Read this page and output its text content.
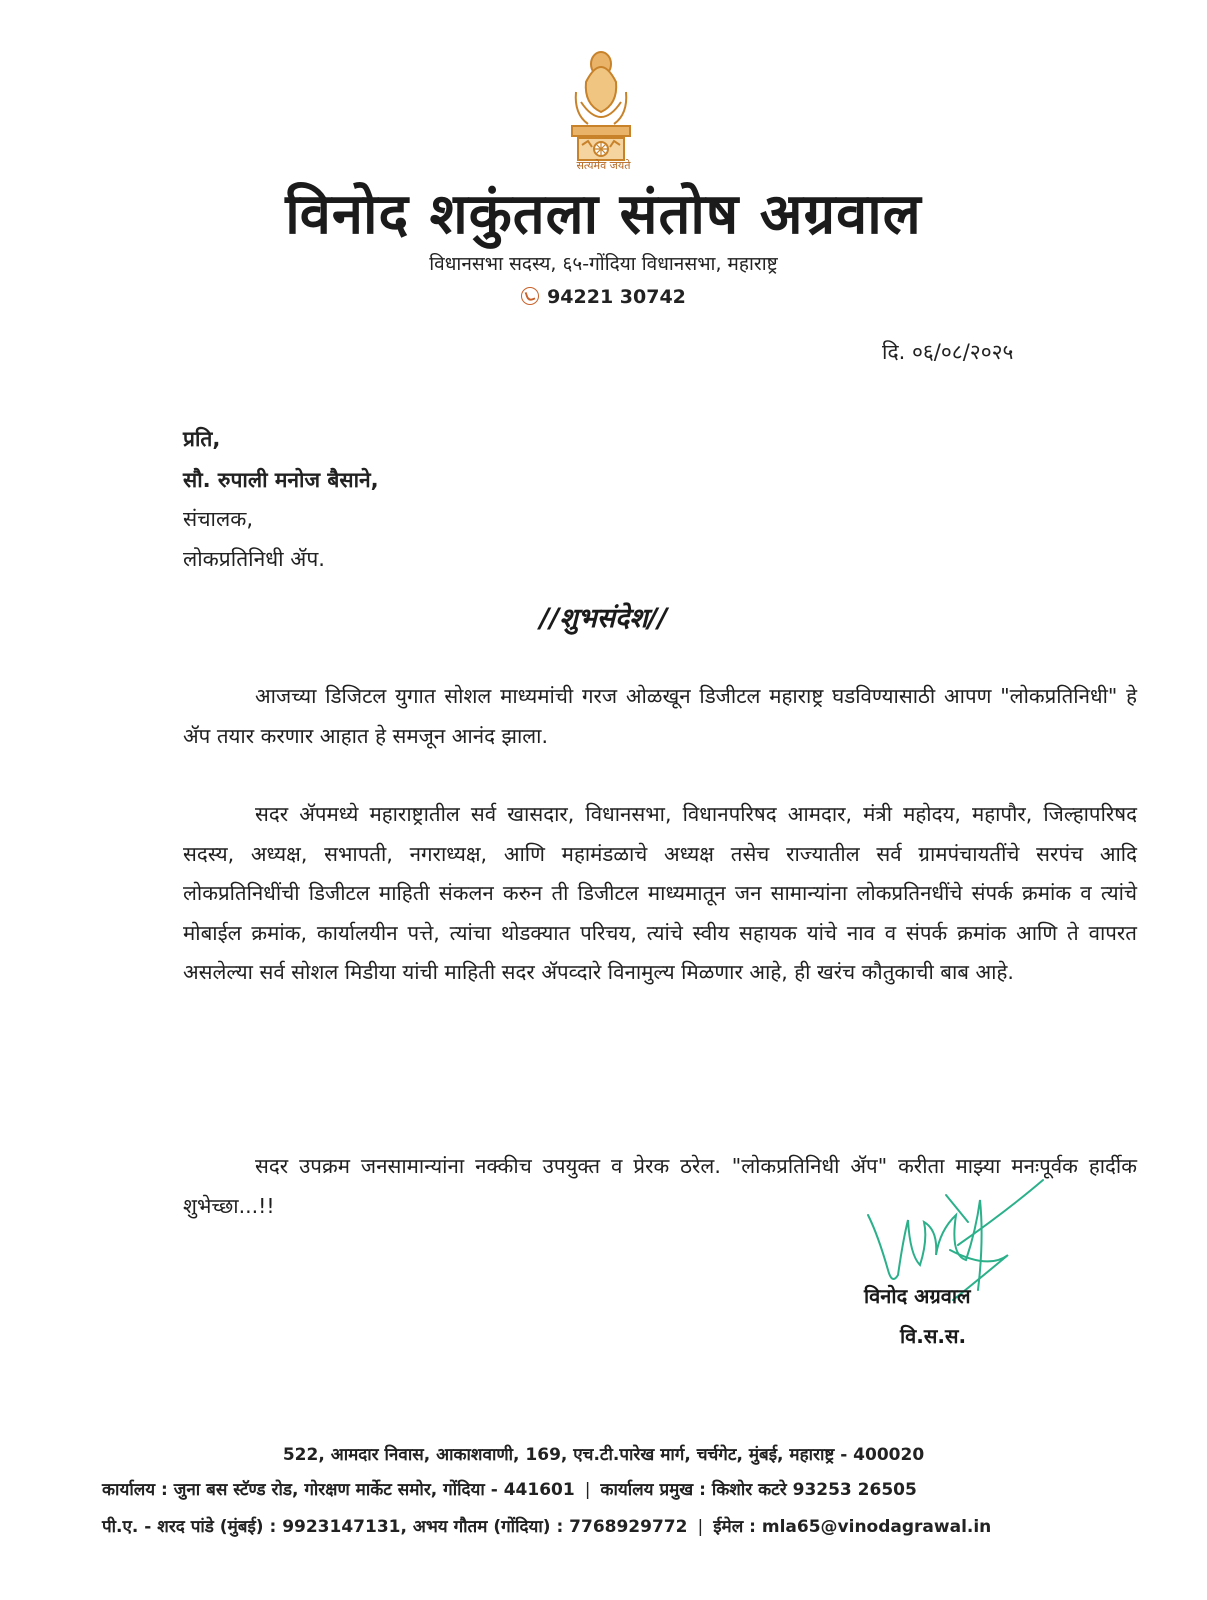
सत्यमेव जयते
विनोद शकुंतला संतोष अग्रवाल
विधानसभा सदस्य, ६५-गोंदिया विधानसभा, महाराष्ट्र
94221 30742
दि. ०६/०८/२०२५
प्रति,
सौ. रुपाली मनोज बैसाने,
संचालक,
लोकप्रतिनिधी ॲप.
//शुभसंदेश//

आजच्या डिजिटल युगात सोशल माध्यमांची गरज ओळखून डिजीटल महाराष्ट्र घडविण्यासाठी आपण "लोकप्रतिनिधी" हे ॲप तयार करणार आहात हे समजून आनंद झाला.

सदर ॲपमध्ये महाराष्ट्रातील सर्व खासदार, विधानसभा, विधानपरिषद आमदार, मंत्री महोदय, महापौर, जिल्हापरिषद सदस्य, अध्यक्ष, सभापती, नगराध्यक्ष, आणि महामंडळाचे अध्यक्ष तसेच राज्यातील सर्व ग्रामपंचायतींचे सरपंच आदि लोकप्रतिनिधींची डिजीटल माहिती संकलन करुन ती डिजीटल माध्यमातून जन सामान्यांना लोकप्रतिनधींचे संपर्क क्रमांक व त्यांचे मोबाईल क्रमांक, कार्यालयीन पत्ते, त्यांचा थोडक्यात परिचय, त्यांचे स्वीय सहायक यांचे नाव व संपर्क क्रमांक आणि ते वापरत असलेल्या सर्व सोशल मिडीया यांची माहिती सदर ॲपव्दारे विनामुल्य मिळणार आहे, ही खरंच कौतुकाची बाब आहे.

सदर उपक्रम जनसामान्यांना नक्कीच उपयुक्त व प्रेरक ठरेल. "लोकप्रतिनिधी ॲप" करीता माझ्या मनःपूर्वक हार्दीक शुभेच्छा...!!

विनोद अग्रवाल
वि.स.स.
522, आमदार निवास, आकाशवाणी, 169, एच.टी.पारेख मार्ग, चर्चगेट, मुंबई, महाराष्ट्र - 400020
कार्यालय : जुना बस स्टॅण्ड रोड, गोरक्षण मार्केट समोर, गोंदिया - 441601 | कार्यालय प्रमुख : किशोर कटरे 93253 26505
पी.ए. - शरद पांडे (मुंबई) : 9923147131, अभय गौतम (गोंदिया) : 7768929772 | ईमेल : mla65@vinodagrawal.in
